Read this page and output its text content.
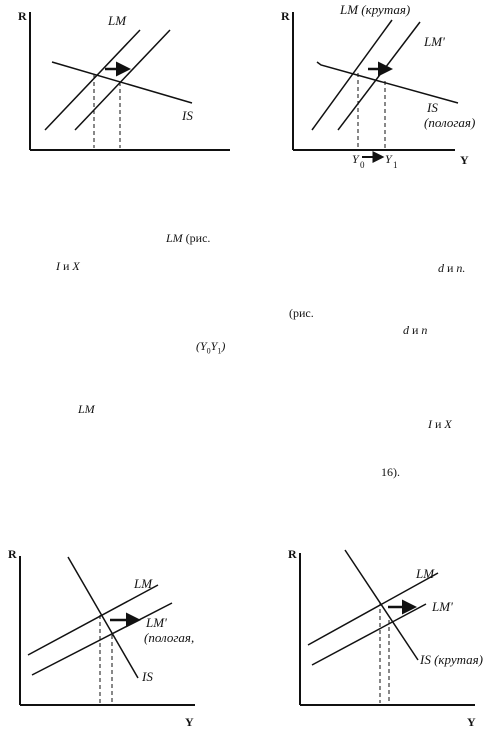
R	LM
IS
R
Y
LM (крутая)
LM'
IS
(пологая)
Y 0 Y 1
R
Y
LM
LM'
(пологая,
IS
R
Y
LM
LM'
IS (крутая)
LM (рис.
I и X	d и n.
(рис.
d и n
$(Y_0Y_1)$
LM
I и X
16).
